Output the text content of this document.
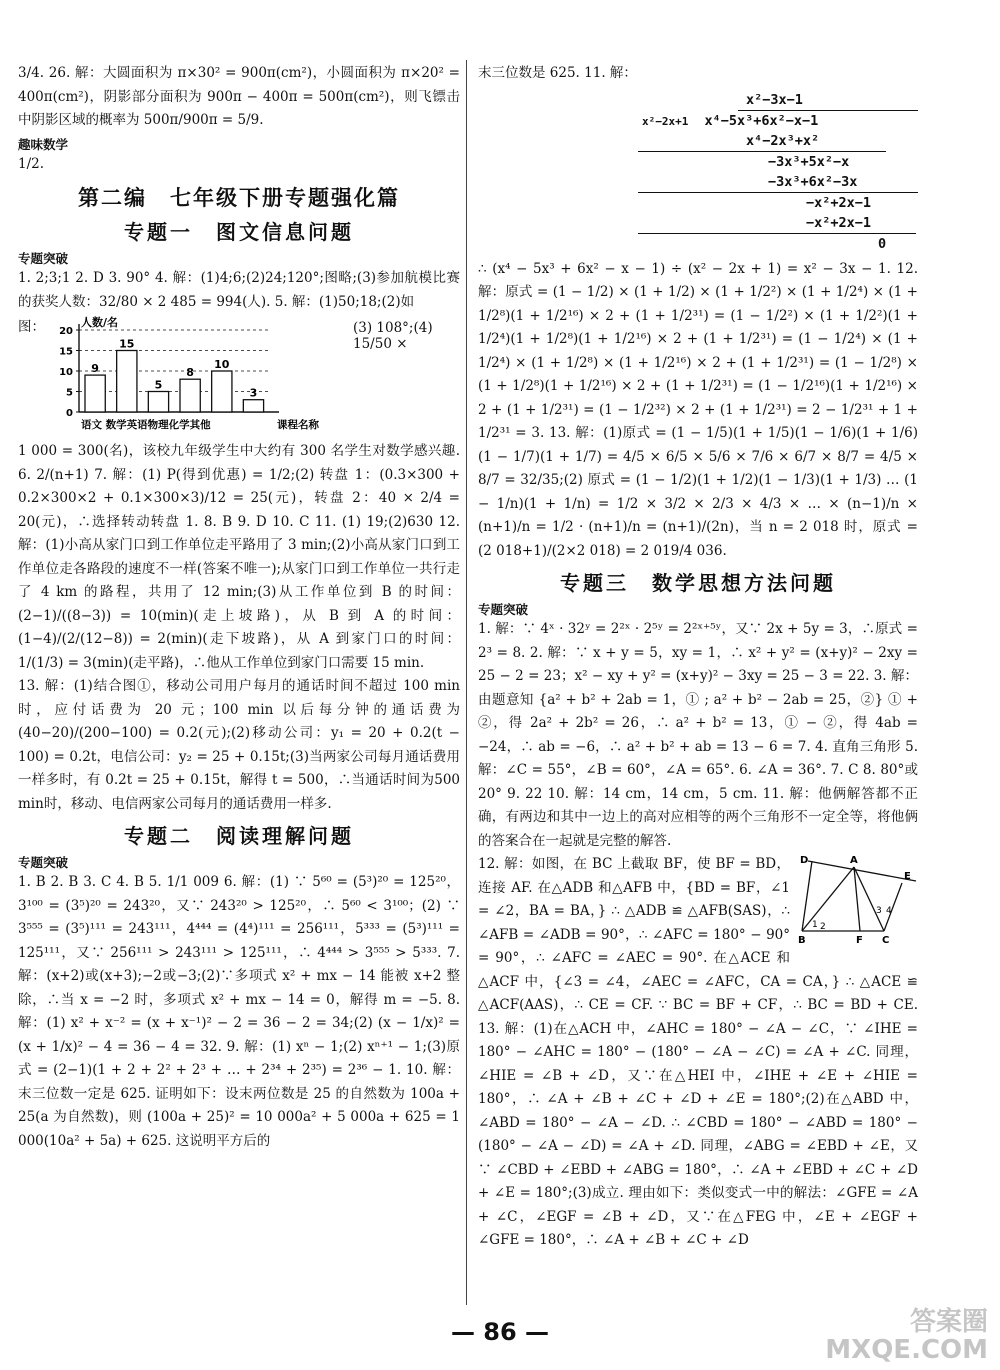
3/4. 26. 解：大圆面积为 π×30² = 900π(cm²)，小圆面积为 π×20² = 400π(cm²)，阴影部分面积为 900π − 400π = 500π(cm²)，则飞镖击中阴影区域的概率为 500π/900π = 5/9.

趣味数学

1/2.

第二编　七年级下册专题强化篇
专题一　图文信息问题
专题突破

1. 2;3;1 2. D 3. 90° 4. 解：(1)4;6;(2)24;120°;图略;(3)参加航模比赛的获奖人数：32/80 × 2 485 = 994(人). 5. 解：(1)50;18;(2)如

图：	人数/名
0
5
10
15
20
9
15
5
8
10
3
语文 数学英语物理化学其他	课程名称
(3) 108°;(4) 15/50 ×

1 000 = 300(名)，该校九年级学生中大约有 300 名学生对数学感兴趣. 6. 2/(n+1) 7. 解：(1) P(得到优惠) = 1/2;(2) 转盘 1：(0.3×300 + 0.2×300×2 + 0.1×300×3)/12 = 25(元)，转盘 2：40 × 2/4 = 20(元)，∴选择转动转盘 1. 8. B 9. D 10. C 11. (1) 19;(2)630 12. 解：(1)小高从家门口到工作单位走平路用了 3 min;(2)小高从家门口到工作单位走各路段的速度不一样(答案不唯一);从家门口到工作单位一共行走了 4 km 的路程，共用了 12 min;(3)从工作单位到 B 的时间：(2−1)/((8−3)) = 10(min)(走上坡路)，从 B 到 A 的时间：(1−4)/(2/(12−8)) = 2(min)(走下坡路)，从 A 到家门口的时间：1/(1/3) = 3(min)(走平路)，∴他从工作单位到家门口需要 15 min.

13. 解：(1)结合图①，移动公司用户每月的通话时间不超过 100 min 时，应付话费为 20 元；100 min 以后每分钟的通话费为 (40−20)/(200−100) = 0.2(元);(2)移动公司：y₁ = 20 + 0.2(t − 100) = 0.2t，电信公司：y₂ = 25 + 0.15t;(3)当两家公司每月通话费用一样多时，有 0.2t = 25 + 0.15t，解得 t = 500，∴当通话时间为500 min时，移动、电信两家公司每月的通话费用一样多.

专题二　阅读理解问题
专题突破

1. B 2. B 3. C 4. B 5. 1/1 009 6. 解：(1) ∵ 5⁶⁰ = (5³)²⁰ = 125²⁰，3¹⁰⁰ = (3⁵)²⁰ = 243²⁰，又∵ 243²⁰ > 125²⁰，∴ 5⁶⁰ < 3¹⁰⁰；(2) ∵ 3⁵⁵⁵ = (3⁵)¹¹¹ = 243¹¹¹，4⁴⁴⁴ = (4⁴)¹¹¹ = 256¹¹¹，5³³³ = (5³)¹¹¹ = 125¹¹¹，又∵ 256¹¹¹ > 243¹¹¹ > 125¹¹¹，∴ 4⁴⁴⁴ > 3⁵⁵⁵ > 5³³³. 7. 解：(x+2)或(x+3);−2或−3;(2)∵多项式 x² + mx − 14 能被 x+2 整除，∴当 x = −2 时，多项式 x² + mx − 14 = 0，解得 m = −5. 8. 解：(1) x² + x⁻² = (x + x⁻¹)² − 2 = 36 − 2 = 34;(2) (x − 1/x)² = (x + 1/x)² − 4 = 36 − 4 = 32. 9. 解：(1) xⁿ − 1;(2) xⁿ⁺¹ − 1;(3)原式 = (2−1)(1 + 2 + 2² + 2³ + … + 2³⁴ + 2³⁵) = 2³⁶ − 1. 10. 解：末三位数一定是 625. 证明如下：设末两位数是 25 的自然数为 100a + 25(a 为自然数)，则 (100a + 25)² = 10 000a² + 5 000a + 625 = 1 000(10a² + 5a) + 625. 这说明平方后的

末三位数是 625. 11. 解：

x²−3x−1
x²−2x+1 x⁴−5x³+6x²−x−1
x⁴−2x³+x²
−3x³+5x²−x
−3x³+6x²−3x
−x²+2x−1
−x²+2x−1
0

∴ (x⁴ − 5x³ + 6x² − x − 1) ÷ (x² − 2x + 1) = x² − 3x − 1. 12. 解：原式 = (1 − 1/2) × (1 + 1/2) × (1 + 1/2²) × (1 + 1/2⁴) × (1 + 1/2⁸)(1 + 1/2¹⁶) × 2 + (1 + 1/2³¹) = (1 − 1/2²) × (1 + 1/2²)(1 + 1/2⁴)(1 + 1/2⁸)(1 + 1/2¹⁶) × 2 + (1 + 1/2³¹) = (1 − 1/2⁴) × (1 + 1/2⁴) × (1 + 1/2⁸) × (1 + 1/2¹⁶) × 2 + (1 + 1/2³¹) = (1 − 1/2⁸) × (1 + 1/2⁸)(1 + 1/2¹⁶) × 2 + (1 + 1/2³¹) = (1 − 1/2¹⁶)(1 + 1/2¹⁶) × 2 + (1 + 1/2³¹) = (1 − 1/2³²) × 2 + (1 + 1/2³¹) = 2 − 1/2³¹ + 1 + 1/2³¹ = 3. 13. 解：(1)原式 = (1 − 1/5)(1 + 1/5)(1 − 1/6)(1 + 1/6)(1 − 1/7)(1 + 1/7) = 4/5 × 6/5 × 5/6 × 7/6 × 6/7 × 8/7 = 4/5 × 8/7 = 32/35;(2) 原式 = (1 − 1/2)(1 + 1/2)(1 − 1/3)(1 + 1/3) … (1 − 1/n)(1 + 1/n) = 1/2 × 3/2 × 2/3 × 4/3 × … × (n−1)/n × (n+1)/n = 1/2 · (n+1)/n = (n+1)/(2n)，当 n = 2 018 时，原式 = (2 018+1)/(2×2 018) = 2 019/4 036.

专题三　数学思想方法问题
专题突破

1. 解：∵ 4ˣ · 32ʸ = 2²ˣ · 2⁵ʸ = 2²ˣ⁺⁵ʸ，又∵ 2x + 5y = 3，∴原式 = 2³ = 8. 2. 解：∵ x + y = 5，xy = 1，∴ x² + y² = (x+y)² − 2xy = 25 − 2 = 23；x² − xy + y² = (x+y)² − 3xy = 25 − 3 = 22. 3. 解：由题意知 {a² + b² + 2ab = 1，① ; a² + b² − 2ab = 25，②} ① + ②，得 2a² + 2b² = 26，∴ a² + b² = 13，① − ②，得 4ab = −24，∴ ab = −6，∴ a² + b² + ab = 13 − 6 = 7. 4. 直角三角形 5. 解：∠C = 55°，∠B = 60°，∠A = 65°. 6. ∠A = 36°. 7. C 8. 80°或 20° 9. 22 10. 解：14 cm，14 cm，5 cm. 11. 解：他俩解答都不正确，有两边和其中一边上的高对应相等的两个三角形不一定全等，将他俩的答案合在一起就是完整的解答.

D	A
E
B	F C
1 2
3 4

12. 解：如图，在 BC 上截取 BF，使 BF = BD，连接 AF. 在△ADB 和△AFB 中，{BD = BF，∠1 = ∠2，BA = BA，} ∴ △ADB ≌ △AFB(SAS)，∴ ∠AFB = ∠ADB = 90°，∴ ∠AFC = 180° − 90° = 90°，∴ ∠AFC = ∠AEC = 90°. 在△ACE 和△ACF 中，{∠3 = ∠4，∠AEC = ∠AFC，CA = CA，} ∴ △ACE ≌ △ACF(AAS)，∴ CE = CF. ∵ BC = BF + CF，∴ BC = BD + CE. 13. 解：(1)在△ACH 中，∠AHC = 180° − ∠A − ∠C，∵ ∠IHE = 180° − ∠AHC = 180° − (180° − ∠A − ∠C) = ∠A + ∠C. 同理，∠HIE = ∠B + ∠D，又∵在△HEI 中，∠IHE + ∠E + ∠HIE = 180°，∴ ∠A + ∠B + ∠C + ∠D + ∠E = 180°;(2)在△ABD 中，∠ABD = 180° − ∠A − ∠D. ∴ ∠CBD = 180° − ∠ABD = 180° − (180° − ∠A − ∠D) = ∠A + ∠D. 同理，∠ABG = ∠EBD + ∠E，又∵ ∠CBD + ∠EBD + ∠ABG = 180°，∴ ∠A + ∠EBD + ∠C + ∠D + ∠E = 180°;(3)成立. 理由如下：类似变式一中的解法：∠GFE = ∠A + ∠C，∠EGF = ∠B + ∠D，又∵在△FEG 中，∠E + ∠EGF + ∠GFE = 180°，∴ ∠A + ∠B + ∠C + ∠D

— 86 —	答案圈
MXQE.COM
